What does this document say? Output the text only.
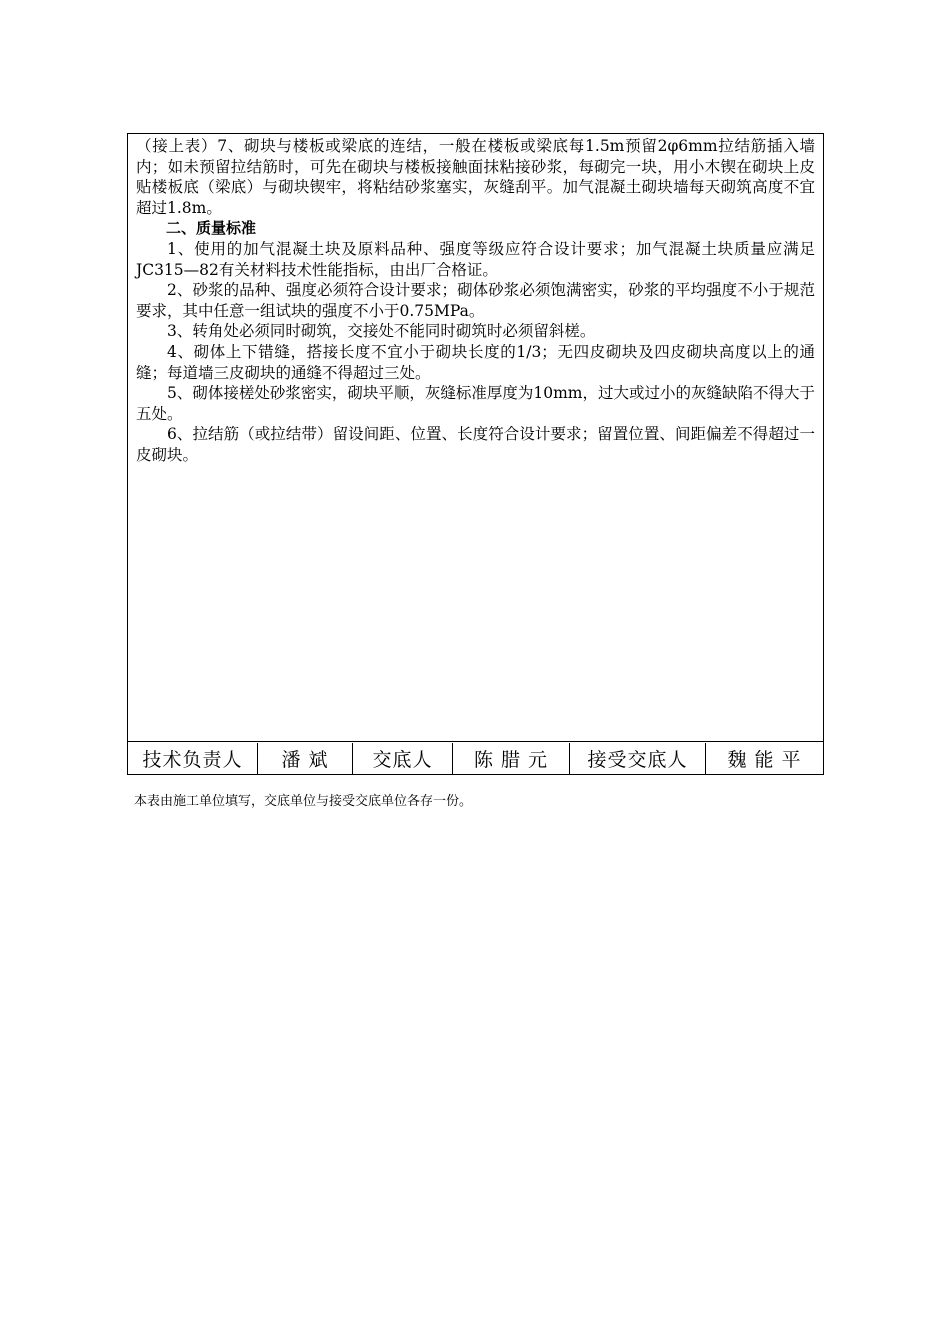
（接上表）7、砌块与楼板或梁底的连结，一般在楼板或梁底每1.5m预留2φ6mm拉结筋插入墙内；如未预留拉结筋时，可先在砌块与楼板接触面抹粘接砂浆，每砌完一块，用小木锲在砌块上皮贴楼板底（梁底）与砌块锲牢，将粘结砂浆塞实，灰缝刮平。加气混凝土砌块墙每天砌筑高度不宜超过1.8m。

二、质量标准

1、使用的加气混凝土块及原料品种、强度等级应符合设计要求；加气混凝土块质量应满足JC315—82有关材料技术性能指标，由出厂合格证。

2、砂浆的品种、强度必须符合设计要求；砌体砂浆必须饱满密实，砂浆的平均强度不小于规范要求，其中任意一组试块的强度不小于0.75MPa。

3、转角处必须同时砌筑，交接处不能同时砌筑时必须留斜槎。

4、砌体上下错缝，搭接长度不宜小于砌块长度的1/3；无四皮砌块及四皮砌块高度以上的通缝；每道墙三皮砌块的通缝不得超过三处。

5、砌体接槎处砂浆密实，砌块平顺，灰缝标准厚度为10mm，过大或过小的灰缝缺陷不得大于五处。

6、拉结筋（或拉结带）留设间距、位置、长度符合设计要求；留置位置、间距偏差不得超过一皮砌块。

技术负责人	潘 斌	交底人	陈 腊 元	接受交底人	魏 能 平
本表由施工单位填写，交底单位与接受交底单位各存一份。
